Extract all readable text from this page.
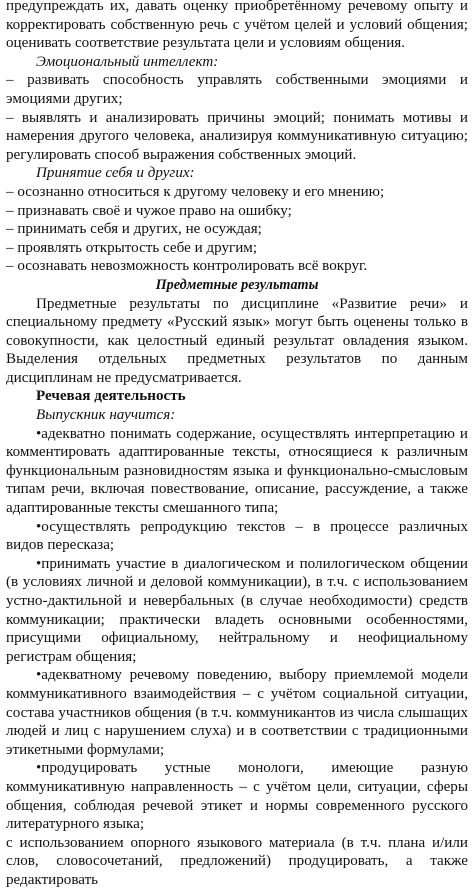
предупреждать их, давать оценку приобретённому речевому опыту и корректировать собственную речь с учётом целей и условий общения; оценивать соответствие результата цели и условиям общения.

Эмоциональный интеллект:

– развивать способность управлять собственными эмоциями и эмоциями других;

– выявлять и анализировать причины эмоций; понимать мотивы и намерения другого человека, анализируя коммуникативную ситуацию; регулировать способ выражения собственных эмоций.

Принятие себя и других:

– осознанно относиться к другому человеку и его мнению;

– признавать своё и чужое право на ошибку;

– принимать себя и других, не осуждая;

– проявлять открытость себе и другим;

– осознавать невозможность контролировать всё вокруг.

Предметные результаты

Предметные результаты по дисциплине «Развитие речи» и специальному предмету «Русский язык» могут быть оценены только в совокупности, как целостный единый результат овладения языком. Выделения отдельных предметных результатов по данным дисциплинам не предусматривается.

Речевая деятельность

Выпускник научится:

•адекватно понимать содержание, осуществлять интерпретацию и комментировать адаптированные тексты, относящиеся к различным функциональным разновидностям языка и функционально-смысловым типам речи, включая повествование, описание, рассуждение, а также адаптированные тексты смешанного типа;

•осуществлять репродукцию текстов – в процессе различных видов пересказа;

•принимать участие в диалогическом и полилогическом общении (в условиях личной и деловой коммуникации), в т.ч. с использованием устно-дактильной и невербальных (в случае необходимости) средств коммуникации; практически владеть основными особенностями, присущими официальному, нейтральному и неофициальному регистрам общения;

•адекватному речевому поведению, выбору приемлемой модели коммуникативного взаимодействия – с учётом социальной ситуации, состава участников общения (в т.ч. коммуникантов из числа слышащих людей и лиц с нарушением слуха) и в соответствии с традиционными этикетными формулами;

•продуцировать устные монологи, имеющие разную коммуникативную направленность – с учётом цели, ситуации, сферы общения, соблюдая речевой этикет и нормы современного русского литературного языка;

с использованием опорного языкового материала (в т.ч. плана и/или слов, словосочетаний, предложений) продуцировать, а также редактировать
